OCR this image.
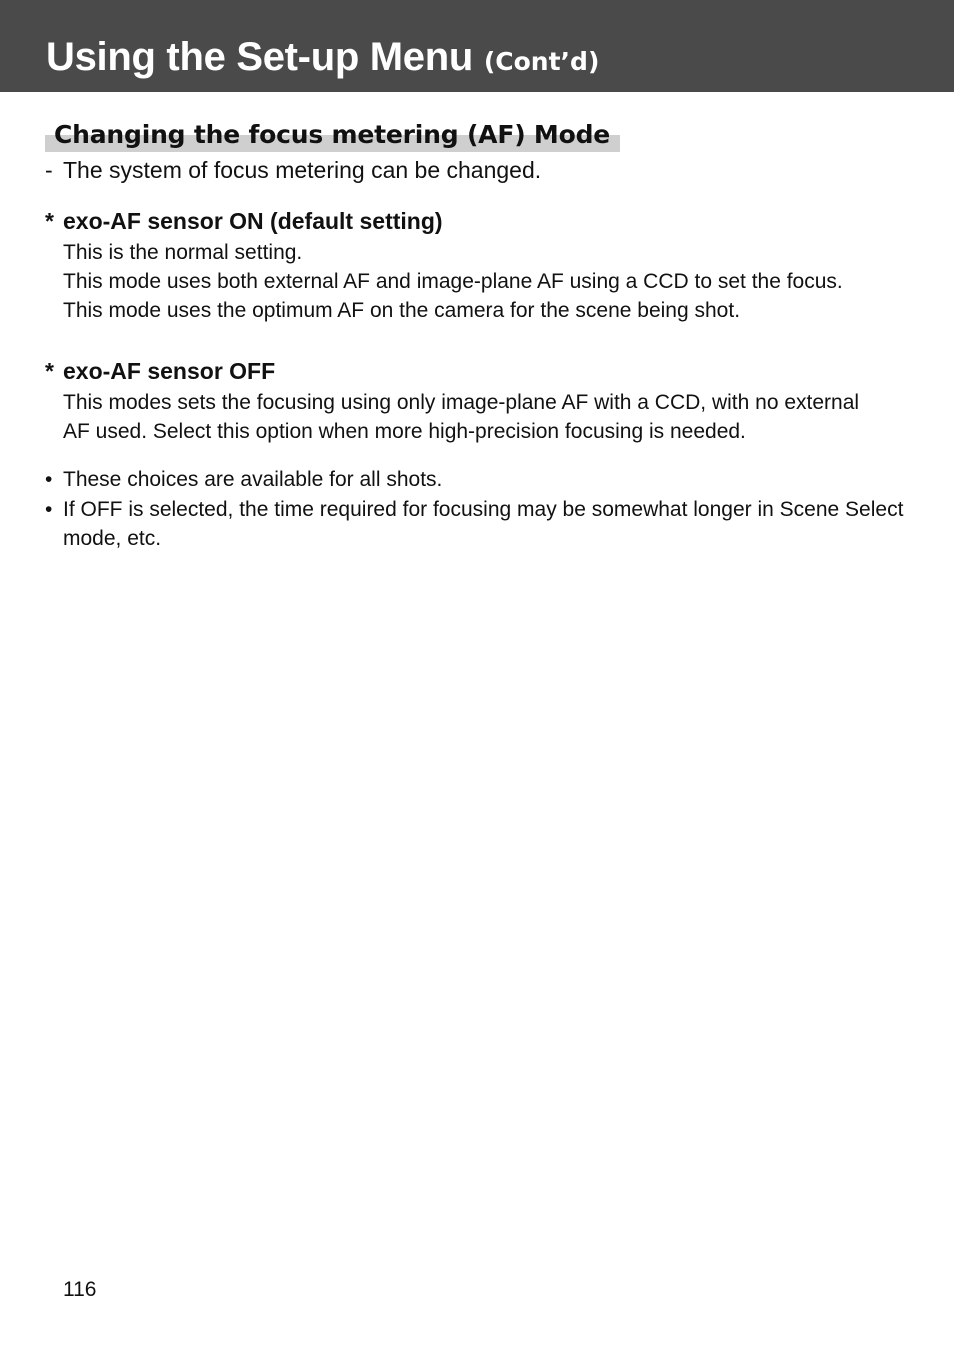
Using the Set-up Menu (Cont’d)
Changing the focus metering (AF) Mode
- The system of focus metering can be changed.
* exo-AF sensor ON (default setting)

This is the normal setting.

This mode uses both external AF and image-plane AF using a CCD to set the focus.

This mode uses the optimum AF on the camera for the scene being shot.

* exo-AF sensor OFF

This modes sets the focusing using only image-plane AF with a CCD, with no external

AF used. Select this option when more high-precision focusing is needed.

• These choices are available for all shots.
• If OFF is selected, the time required for focusing may be somewhat longer in Scene Select mode, etc.
116
